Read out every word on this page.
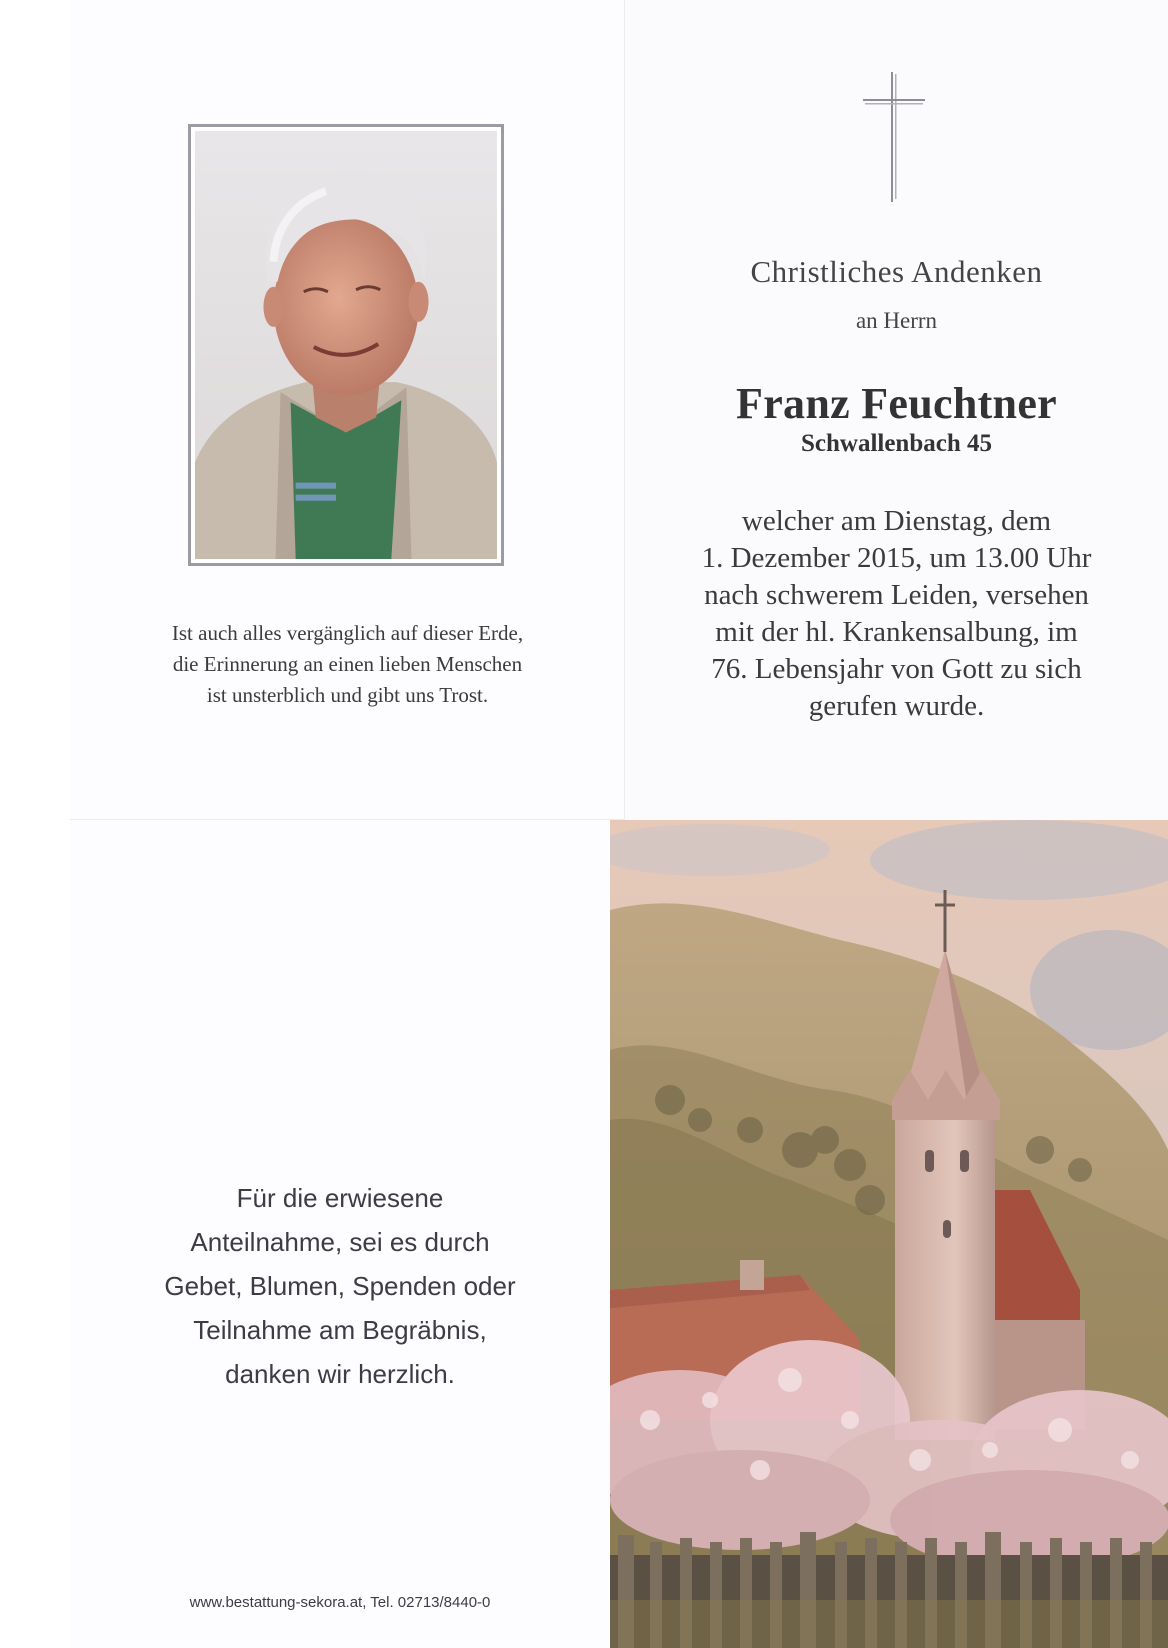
Ist auch alles vergänglich auf dieser Erde,
die Erinnerung an einen lieben Menschen
ist unsterblich und gibt uns Trost.
Christliches Andenken
an Herrn
Franz Feuchtner
Schwallenbach 45
welcher am Dienstag, dem
1. Dezember 2015, um 13.00 Uhr
nach schwerem Leiden, versehen
mit der hl. Krankensalbung, im
76. Lebensjahr von Gott zu sich
gerufen wurde.
Für die erwiesene
Anteilnahme, sei es durch
Gebet, Blumen, Spenden oder
Teilnahme am Begräbnis,
danken wir herzlich.
www.bestattung-sekora.at, Tel. 02713/8440-0
